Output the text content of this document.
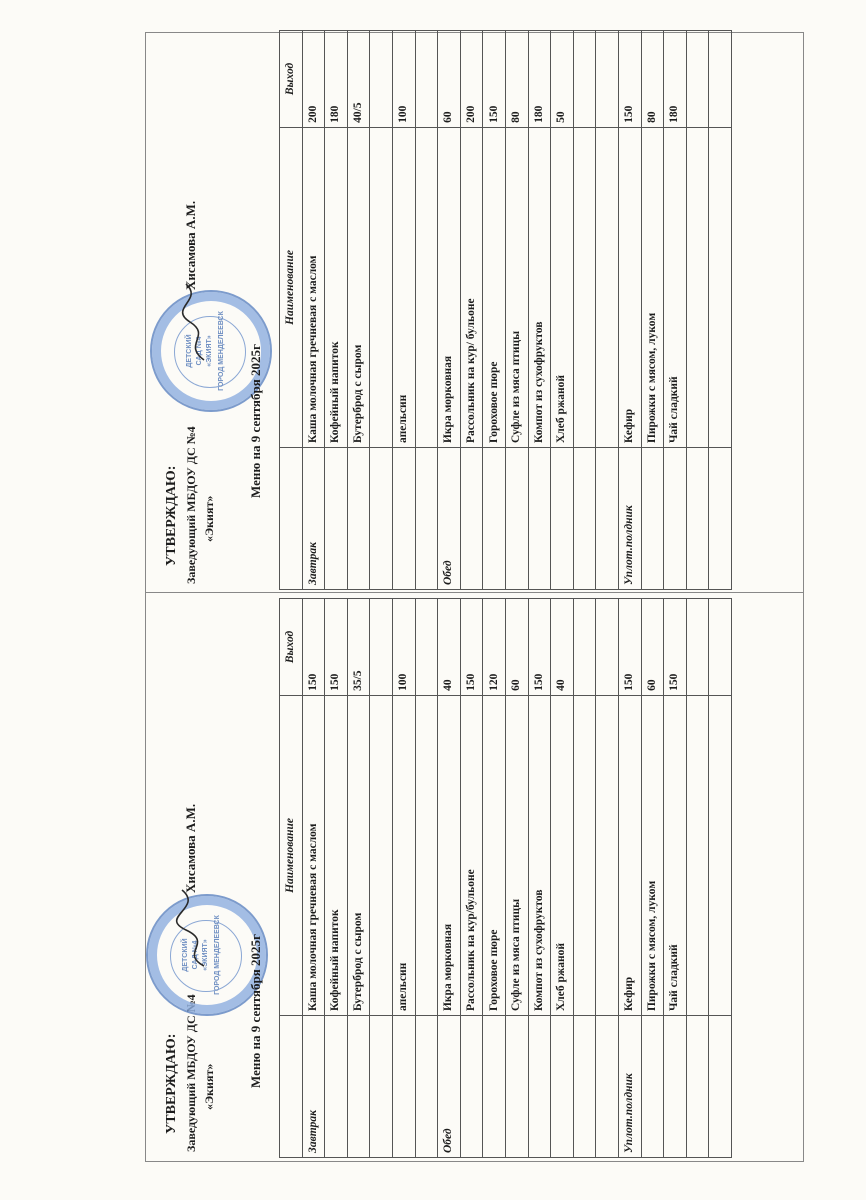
УТВЕРЖДАЮ: Заведующий МБДОУ ДС №4 «Экият»
ДЕТСКИЙ САД №4 «ЭКИЯТ» ГОРОД МЕНДЕЛЕЕВСК
Хисамова А.М.
Меню на 9 сентября 2025г
	Наименование	Выход
Завтрак	Каша молочная гречневая с маслом	150
	Кофейный напиток	150
	Бутерброд с сыром	35/5

	апельсин	100

Обед	Икра морковная	40
	Рассольник на кур/бульоне	150
	Гороховое пюре	120
	Суфле из мяса птицы	60
	Компот из сухофруктов	150
	Хлеб ржаной	40

Уплот.полдник	Кефир	150
	Пирожки с мясом, луком	60
	Чай сладкий	150

УТВЕРЖДАЮ: Заведующий МБДОУ ДС №4 «Экият»
ДЕТСКИЙ САД №4 «ЭКИЯТ» ГОРОД МЕНДЕЛЕЕВСК
Хисамова А.М.
Меню на 9 сентября 2025г
	Наименование	Выход
Завтрак	Каша молочная гречневая с маслом	200
	Кофейный напиток	180
	Бутерброд с сыром	40/5

	апельсин	100

Обед	Икра морковная	60
	Рассольник на кур/ бульоне	200
	Гороховое пюре	150
	Суфле из мяса птицы	80
	Компот из сухофруктов	180
	Хлеб ржаной	50

Уплот.полдник	Кефир	150
	Пирожки с мясом, луком	80
	Чай сладкий	180
